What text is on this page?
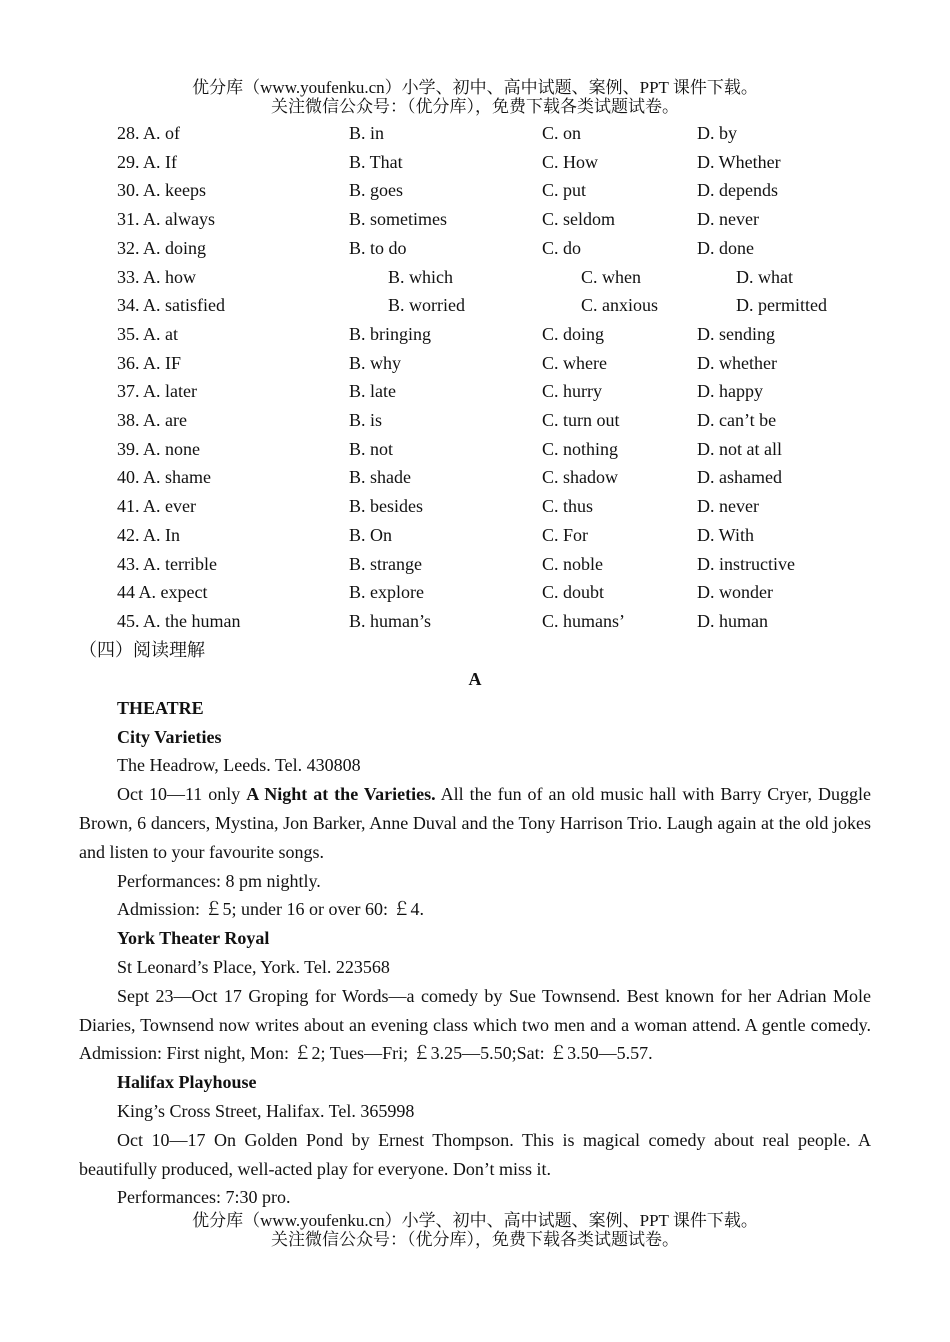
优分库（www.youfenku.cn）小学、初中、高中试题、案例、PPT 课件下载。
关注微信公众号：（优分库），免费下载各类试题试卷。
28. A. of	B. in	C. on	D. by
29. A. If	B. That	C. How	D. Whether
30. A. keeps	B. goes	C. put	D. depends
31. A. always	B. sometimes	C. seldom	D. never
32. A. doing	B. to do	C. do	D. done
33. A. how	B. which	C. when	D. what
34. A. satisfied	B. worried	C. anxious	D. permitted
35. A. at	B. bringing	C. doing	D. sending
36. A. IF	B. why	C. where	D. whether
37. A. later	B. late	C. hurry	D. happy
38. A. are	B. is	C. turn out	D. can’t be
39. A. none	B. not	C. nothing	D. not at all
40. A. shame	B. shade	C. shadow	D. ashamed
41. A. ever	B. besides	C. thus	D. never
42. A. In	B. On	C. For	D. With
43. A. terrible	B. strange	C. noble	D. instructive
44 A. expect	B. explore	C. doubt	D. wonder
45. A. the human	B. human’s	C. humans’	D. human
（四）阅读理解

A

THEATRE

City Varieties

The Headrow, Leeds. Tel. 430808

Oct 10—11 only A Night at the Varieties. All the fun of an old music hall with Barry Cryer, Duggle Brown, 6 dancers, Mystina, Jon Barker, Anne Duval and the Tony Harrison Trio. Laugh again at the old jokes and listen to your favourite songs.

Performances: 8 pm nightly.

Admission: ￡5; under 16 or over 60: ￡4.

York Theater Royal

St Leonard’s Place, York. Tel. 223568

Sept 23—Oct 17 Groping for Words—a comedy by Sue Townsend. Best known for her Adrian Mole Diaries, Townsend now writes about an evening class which two men and a woman attend. A gentle comedy. Admission: First night, Mon: ￡2; Tues—Fri; ￡3.25—5.50;Sat: ￡3.50—5.57.

Halifax Playhouse

King’s Cross Street, Halifax. Tel. 365998

Oct 10—17 On Golden Pond by Ernest Thompson. This is magical comedy about real people. A beautifully produced, well-acted play for everyone. Don’t miss it.

Performances: 7:30 pro.

优分库（www.youfenku.cn）小学、初中、高中试题、案例、PPT 课件下载。
关注微信公众号：（优分库），免费下载各类试题试卷。
